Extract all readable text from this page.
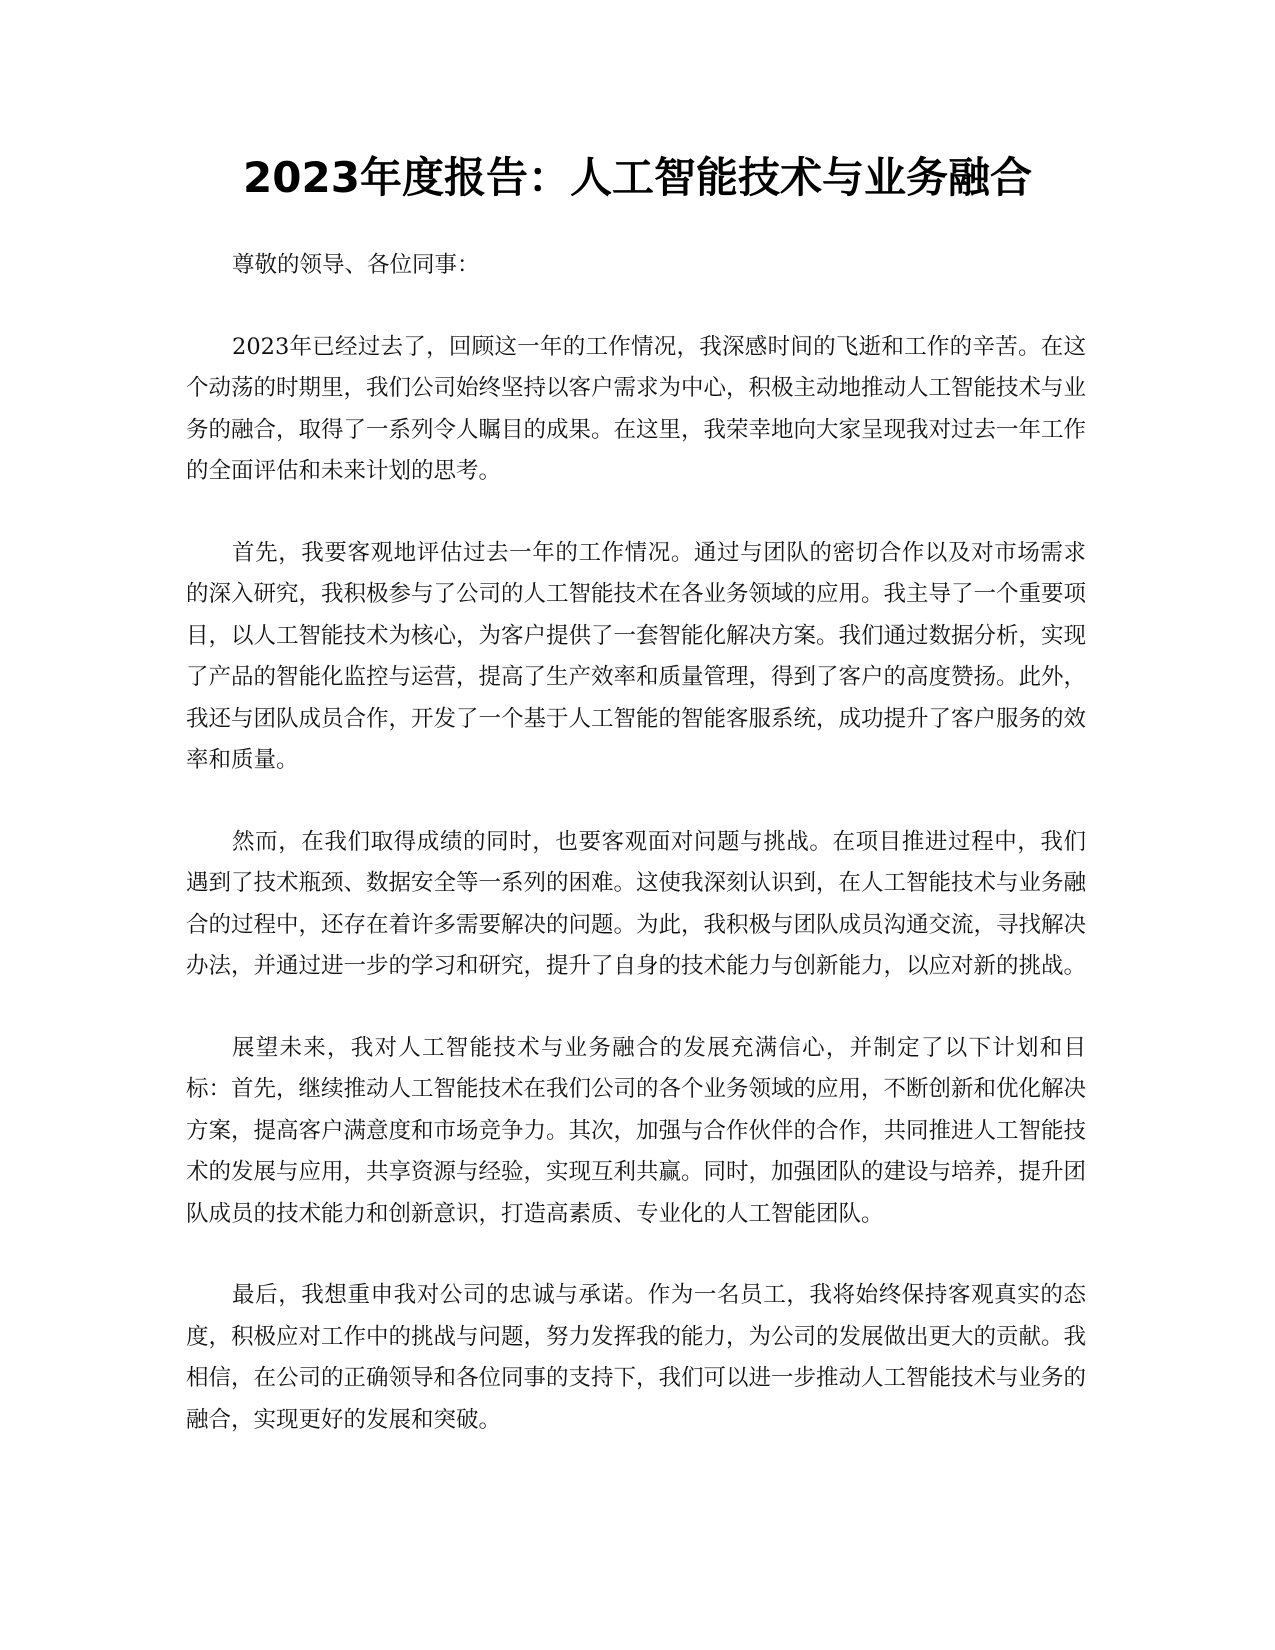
2023年度报告：人工智能技术与业务融合

尊敬的领导、各位同事：

2023年已经过去了，回顾这一年的工作情况，我深感时间的飞逝和工作的辛苦。在这个动荡的时期里，我们公司始终坚持以客户需求为中心，积极主动地推动人工智能技术与业务的融合，取得了一系列令人瞩目的成果。在这里，我荣幸地向大家呈现我对过去一年工作的全面评估和未来计划的思考。

首先，我要客观地评估过去一年的工作情况。通过与团队的密切合作以及对市场需求的深入研究，我积极参与了公司的人工智能技术在各业务领域的应用。我主导了一个重要项目，以人工智能技术为核心，为客户提供了一套智能化解决方案。我们通过数据分析，实现了产品的智能化监控与运营，提高了生产效率和质量管理，得到了客户的高度赞扬。此外，我还与团队成员合作，开发了一个基于人工智能的智能客服系统，成功提升了客户服务的效率和质量。

然而，在我们取得成绩的同时，也要客观面对问题与挑战。在项目推进过程中，我们遇到了技术瓶颈、数据安全等一系列的困难。这使我深刻认识到，在人工智能技术与业务融合的过程中，还存在着许多需要解决的问题。为此，我积极与团队成员沟通交流，寻找解决办法，并通过进一步的学习和研究，提升了自身的技术能力与创新能力，以应对新的挑战。

展望未来，我对人工智能技术与业务融合的发展充满信心，并制定了以下计划和目标：首先，继续推动人工智能技术在我们公司的各个业务领域的应用，不断创新和优化解决方案，提高客户满意度和市场竞争力。其次，加强与合作伙伴的合作，共同推进人工智能技术的发展与应用，共享资源与经验，实现互利共赢。同时，加强团队的建设与培养，提升团队成员的技术能力和创新意识，打造高素质、专业化的人工智能团队。

最后，我想重申我对公司的忠诚与承诺。作为一名员工，我将始终保持客观真实的态度，积极应对工作中的挑战与问题，努力发挥我的能力，为公司的发展做出更大的贡献。我相信，在公司的正确领导和各位同事的支持下，我们可以进一步推动人工智能技术与业务的融合，实现更好的发展和突破。
